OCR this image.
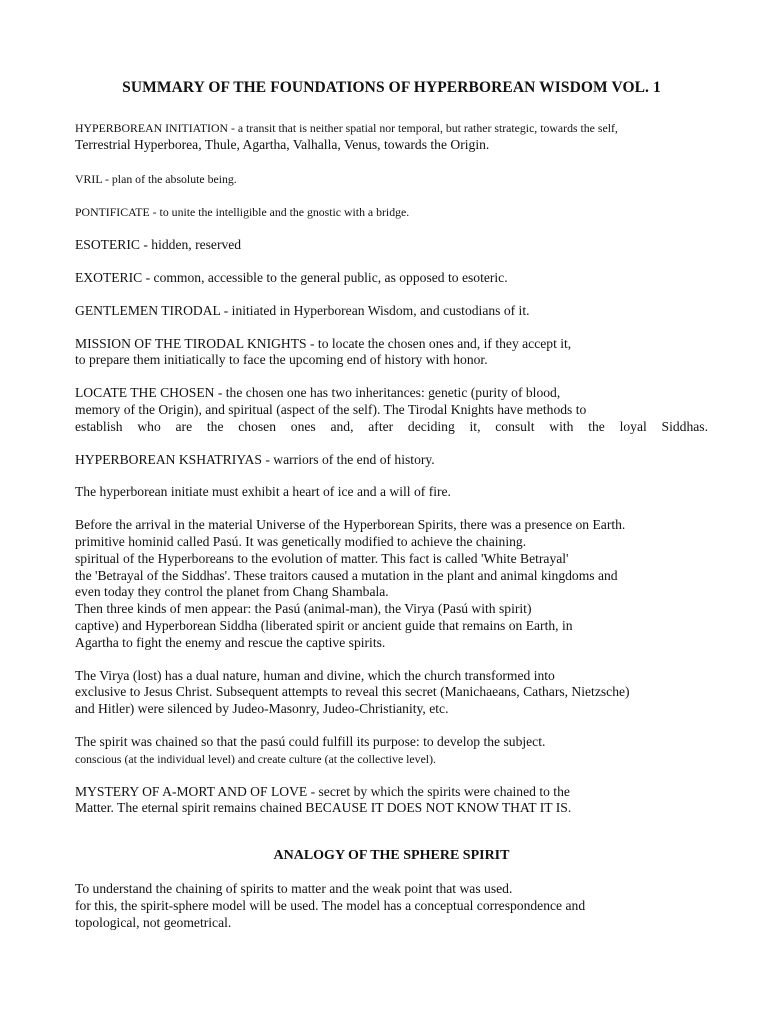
SUMMARY OF THE FOUNDATIONS OF HYPERBOREAN WISDOM VOL. 1

HYPERBOREAN INITIATION - a transit that is neither spatial nor temporal, but rather strategic, towards the self,
Terrestrial Hyperborea, Thule, Agartha, Valhalla, Venus, towards the Origin.

VRIL - plan of the absolute being.

PONTIFICATE - to unite the intelligible and the gnostic with a bridge.

ESOTERIC - hidden, reserved

EXOTERIC - common, accessible to the general public, as opposed to esoteric.

GENTLEMEN TIRODAL - initiated in Hyperborean Wisdom, and custodians of it.

MISSION OF THE TIRODAL KNIGHTS - to locate the chosen ones and, if they accept it,
to prepare them initiatically to face the upcoming end of history with honor.

LOCATE THE CHOSEN - the chosen one has two inheritances: genetic (purity of blood,
memory of the Origin), and spiritual (aspect of the self). The Tirodal Knights have methods to
establish who are the chosen ones and, after deciding it, consult with the loyal Siddhas.

HYPERBOREAN KSHATRIYAS - warriors of the end of history.

The hyperborean initiate must exhibit a heart of ice and a will of fire.

Before the arrival in the material Universe of the Hyperborean Spirits, there was a presence on Earth.
primitive hominid called Pasú. It was genetically modified to achieve the chaining.
spiritual of the Hyperboreans to the evolution of matter. This fact is called 'White Betrayal'
the 'Betrayal of the Siddhas'. These traitors caused a mutation in the plant and animal kingdoms and
even today they control the planet from Chang Shambala.
Then three kinds of men appear: the Pasú (animal-man), the Virya (Pasú with spirit)
captive) and Hyperborean Siddha (liberated spirit or ancient guide that remains on Earth, in
Agartha to fight the enemy and rescue the captive spirits.

The Virya (lost) has a dual nature, human and divine, which the church transformed into
exclusive to Jesus Christ. Subsequent attempts to reveal this secret (Manichaeans, Cathars, Nietzsche)
and Hitler) were silenced by Judeo-Masonry, Judeo-Christianity, etc.

The spirit was chained so that the pasú could fulfill its purpose: to develop the subject.
conscious (at the individual level) and create culture (at the collective level).

MYSTERY OF A-MORT AND OF LOVE - secret by which the spirits were chained to the
Matter. The eternal spirit remains chained BECAUSE IT DOES NOT KNOW THAT IT IS.

ANALOGY OF THE SPHERE SPIRIT

To understand the chaining of spirits to matter and the weak point that was used.
for this, the spirit-sphere model will be used. The model has a conceptual correspondence and
topological, not geometrical.
